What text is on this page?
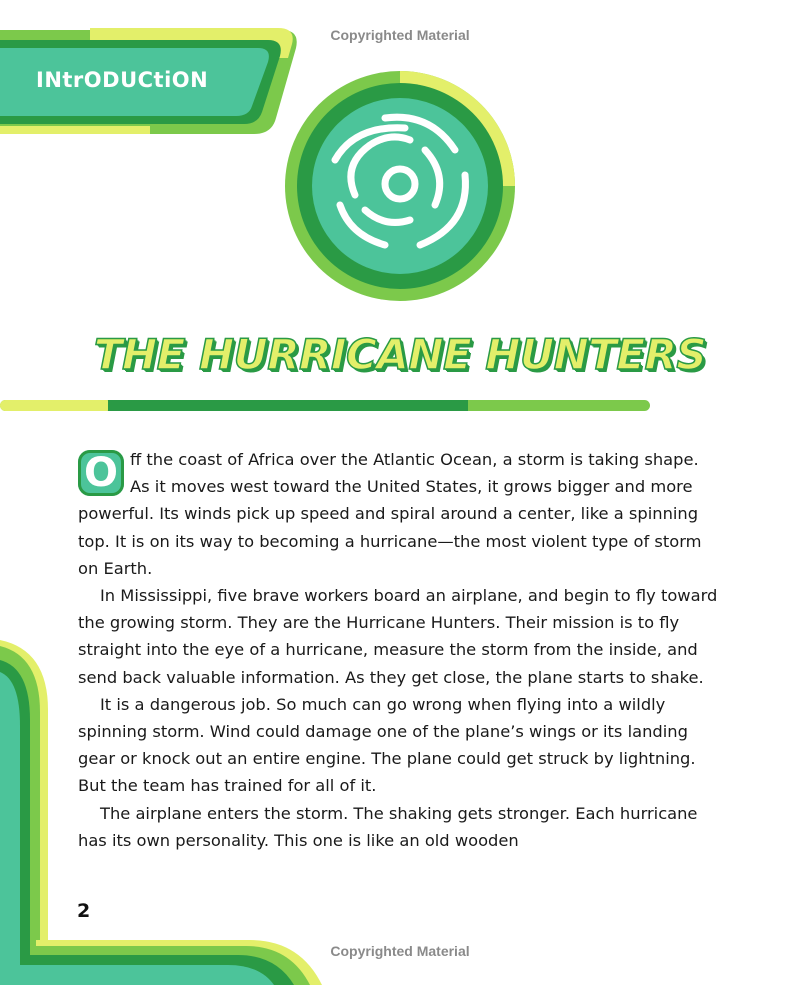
Copyrighted Material
INtrODUCtiON
THE HURRICANE HUNTERS

O ff the coast of Africa over the Atlantic Ocean, a storm is taking shape. As it moves west toward the United States, it grows bigger and more powerful. Its winds pick up speed and spiral around a center, like a spinning top. It is on its way to becoming a hurricane—the most violent type of storm on Earth.

In Mississippi, five brave workers board an airplane, and begin to fly toward the growing storm. They are the Hurricane Hunters. Their mission is to fly straight into the eye of a hurricane, measure the storm from the inside, and send back valuable information. As they get close, the plane starts to shake.

It is a dangerous job. So much can go wrong when flying into a wildly spinning storm. Wind could damage one of the plane’s wings or its landing gear or knock out an entire engine. The plane could get struck by lightning. But the team has trained for all of it.

The airplane enters the storm. The shaking gets stronger. Each hurricane has its own personality. This one is like an old wooden

2
Copyrighted Material
